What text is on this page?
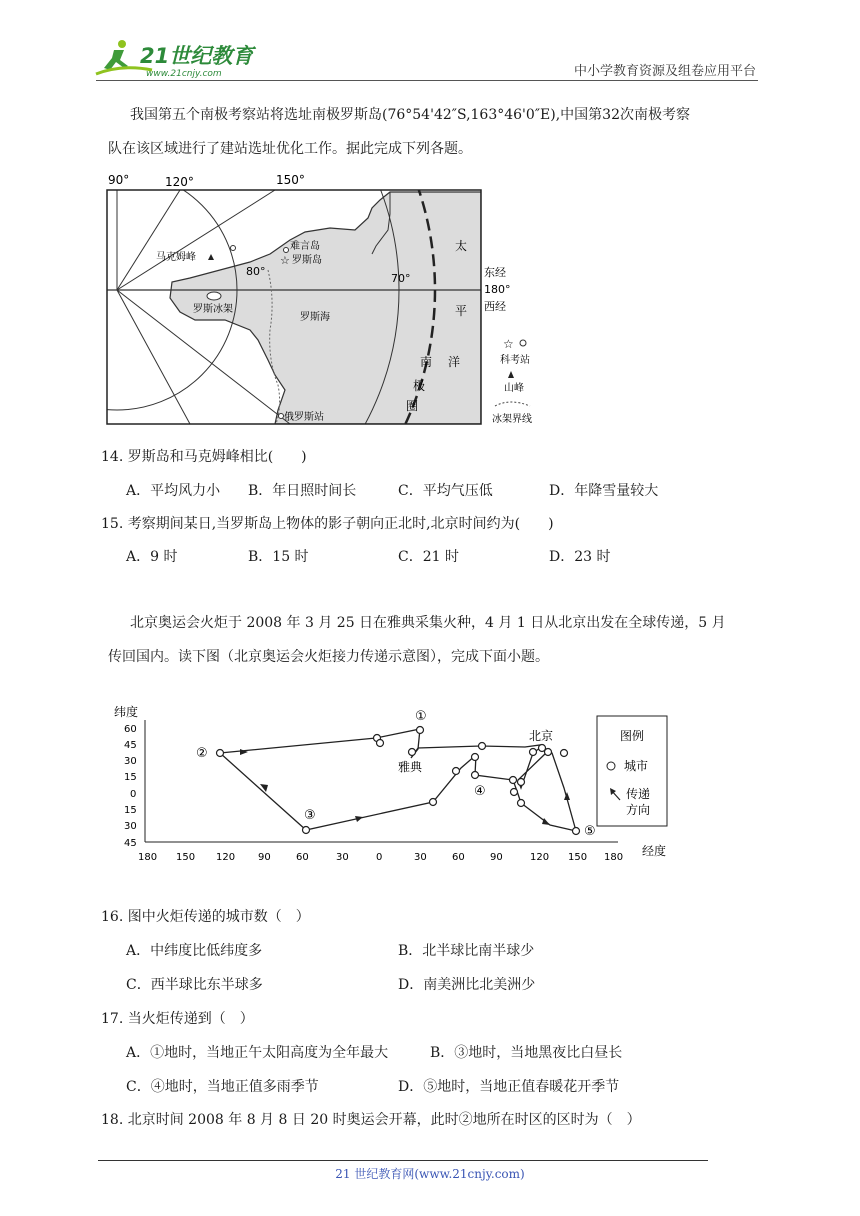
21世纪教育
www.21cnjy.com	中小学教育资源及组卷应用平台

我国第五个南极考察站将选址南极罗斯岛(76°54'42″S,163°46'0″E),中国第32次南极考察

队在该区域进行了建站选址优化工作。据此完成下列各题。

90°	120°	150°
东经
180°
西经
80°
70°
马克姆峰
难言岛
☆ 罗斯岛
罗斯冰架
罗斯海
俄罗斯站
太
平
洋
南
极
圈
☆
科考站
山峰
冰架界线

14. 罗斯岛和马克姆峰相比(　　)

A．平均风力小 B．年日照时间长	C．平均气压低	D．年降雪量较大

15. 考察期间某日,当罗斯岛上物体的影子朝向正北时,北京时间约为(　　)

A．9 时	B．15 时	C．21 时	D．23 时

北京奥运会火炬于 2008 年 3 月 25 日在雅典采集火种，4 月 1 日从北京出发在全球传递，5 月

传回国内。读下图（北京奥运会火炬接力传递示意图），完成下面小题。

纬度
60
45
30
15
0
15
30
45
180 150 120 90	60	30	0	30	60	90	120 150 180 经度
①
②
③
④
⑤
北京
雅典
图例
城市
传递
方向

16. 图中火炬传递的城市数（　）

A．中纬度比低纬度多	B．北半球比南半球少
C．西半球比东半球多	D．南美洲比北美洲少

17. 当火炬传递到（　）

A．①地时，当地正午太阳高度为全年最大	B．③地时，当地黑夜比白昼长
C．④地时，当地正值多雨季节	D．⑤地时，当地正值春暖花开季节

18. 北京时间 2008 年 8 月 8 日 20 时奥运会开幕，此时②地所在时区的区时为（　）

21 世纪教育网(www.21cnjy.com)
